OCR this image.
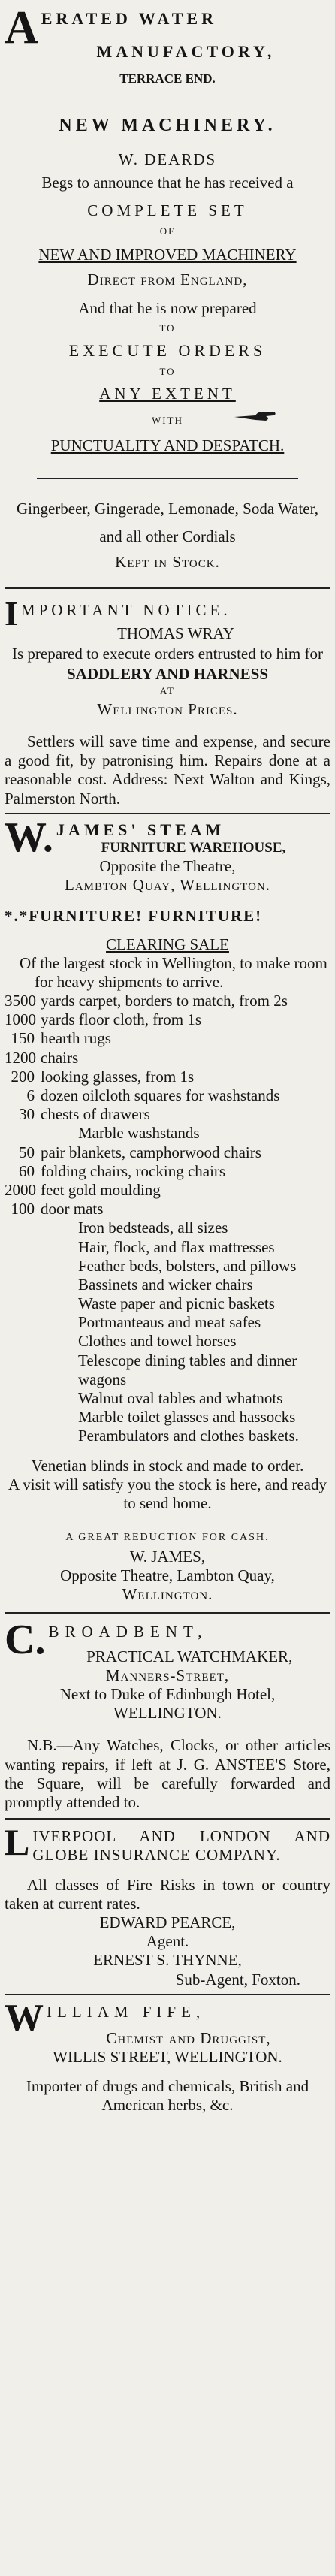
A ERATED WATER
MANUFACTORY,
TERRACE END.
NEW MACHINERY.
W. DEARDS
Begs to announce that he has received a
COMPLETE SET
OF
NEW AND IMPROVED MACHINERY
Direct from England,
And that he is now prepared
TO
EXECUTE ORDERS
TO
ANY EXTENT
WITH
PUNCTUALITY AND DESPATCH.
Gingerbeer, Gingerade, Lemonade, Soda Water, and all other Cordials
Kept in Stock.
I MPORTANT NOTICE.
THOMAS WRAY
Is prepared to execute orders entrusted to him for
SADDLERY AND HARNESS
AT
Wellington Prices.
Settlers will save time and expense, and secure a good fit, by patronising him. Repairs done at a reasonable cost. Address: Next Walton and Kings, Palmerston North.
W. JAMES' STEAM
FURNITURE WAREHOUSE,
Opposite the Theatre,
Lambton Quay, Wellington.
*.*FURNITURE! FURNITURE!
CLEARING SALE
Of the largest stock in Wellington, to make room for heavy shipments to arrive.
3500 yards carpet, borders to match, from 2s
1000 yards floor cloth, from 1s
150 hearth rugs
1200 chairs
200 looking glasses, from 1s
6 dozen oilcloth squares for washstands
30 chests of drawers
Marble washstands
50 pair blankets, camphorwood chairs
60 folding chairs, rocking chairs
2000 feet gold moulding
100 door mats
Iron bedsteads, all sizes
Hair, flock, and flax mattresses
Feather beds, bolsters, and pillows
Bassinets and wicker chairs
Waste paper and picnic baskets
Portmanteaus and meat safes
Clothes and towel horses
Telescope dining tables and dinner wagons
Walnut oval tables and whatnots
Marble toilet glasses and hassocks
Perambulators and clothes baskets.
Venetian blinds in stock and made to order.
A visit will satisfy you the stock is here, and ready to send home.
A GREAT REDUCTION FOR CASH.
W. JAMES,
Opposite Theatre, Lambton Quay,
Wellington.
C. BROADBENT,
PRACTICAL WATCHMAKER,
Manners-Street,
Next to Duke of Edinburgh Hotel,
WELLINGTON.
N.B.—Any Watches, Clocks, or other articles wanting repairs, if left at J. G. ANSTEE'S Store, the Square, will be carefully forwarded and promptly attended to.
L IVERPOOL AND LONDON AND GLOBE INSURANCE COMPANY.
All classes of Fire Risks in town or country taken at current rates.
EDWARD PEARCE,
Agent.
ERNEST S. THYNNE,
Sub-Agent, Foxton.
W ILLIAM FIFE,
Chemist and Druggist,
WILLIS STREET, WELLINGTON.
Importer of drugs and chemicals, British and American herbs, &c.
